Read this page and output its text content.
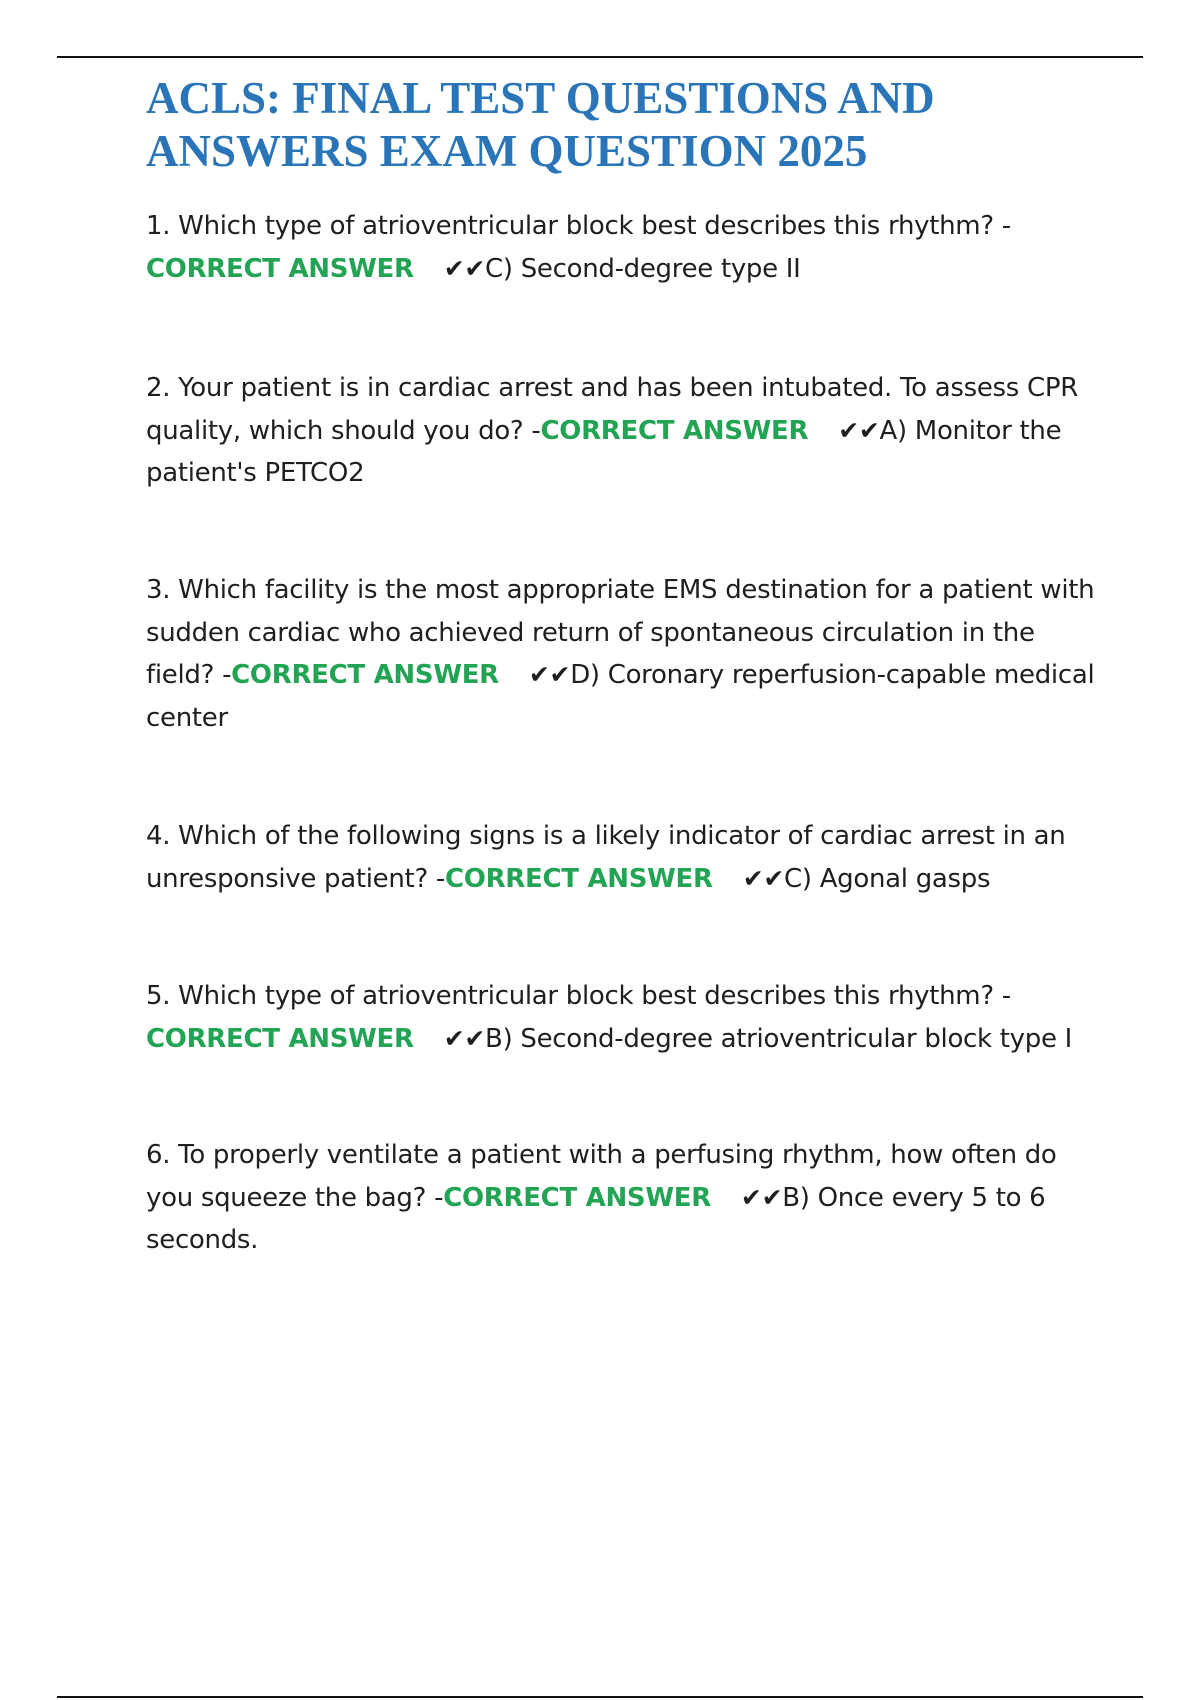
ACLS: FINAL TEST QUESTIONS AND
ANSWERS EXAM QUESTION 2025

1. Which type of atrioventricular block best describes this rhythm? -
CORRECT ANSWER ✔✔C) Second-degree type II

2. Your patient is in cardiac arrest and has been intubated. To assess CPR quality, which should you do? -CORRECT ANSWER ✔✔A) Monitor the patient's PETCO2

3. Which facility is the most appropriate EMS destination for a patient with sudden cardiac who achieved return of spontaneous circulation in the field? -CORRECT ANSWER ✔✔D) Coronary reperfusion-capable medical center

4. Which of the following signs is a likely indicator of cardiac arrest in an unresponsive patient? -CORRECT ANSWER ✔✔C) Agonal gasps

5. Which type of atrioventricular block best describes this rhythm? -
CORRECT ANSWER ✔✔B) Second-degree atrioventricular block type I

6. To properly ventilate a patient with a perfusing rhythm, how often do you squeeze the bag? -CORRECT ANSWER ✔✔B) Once every 5 to 6 seconds.
